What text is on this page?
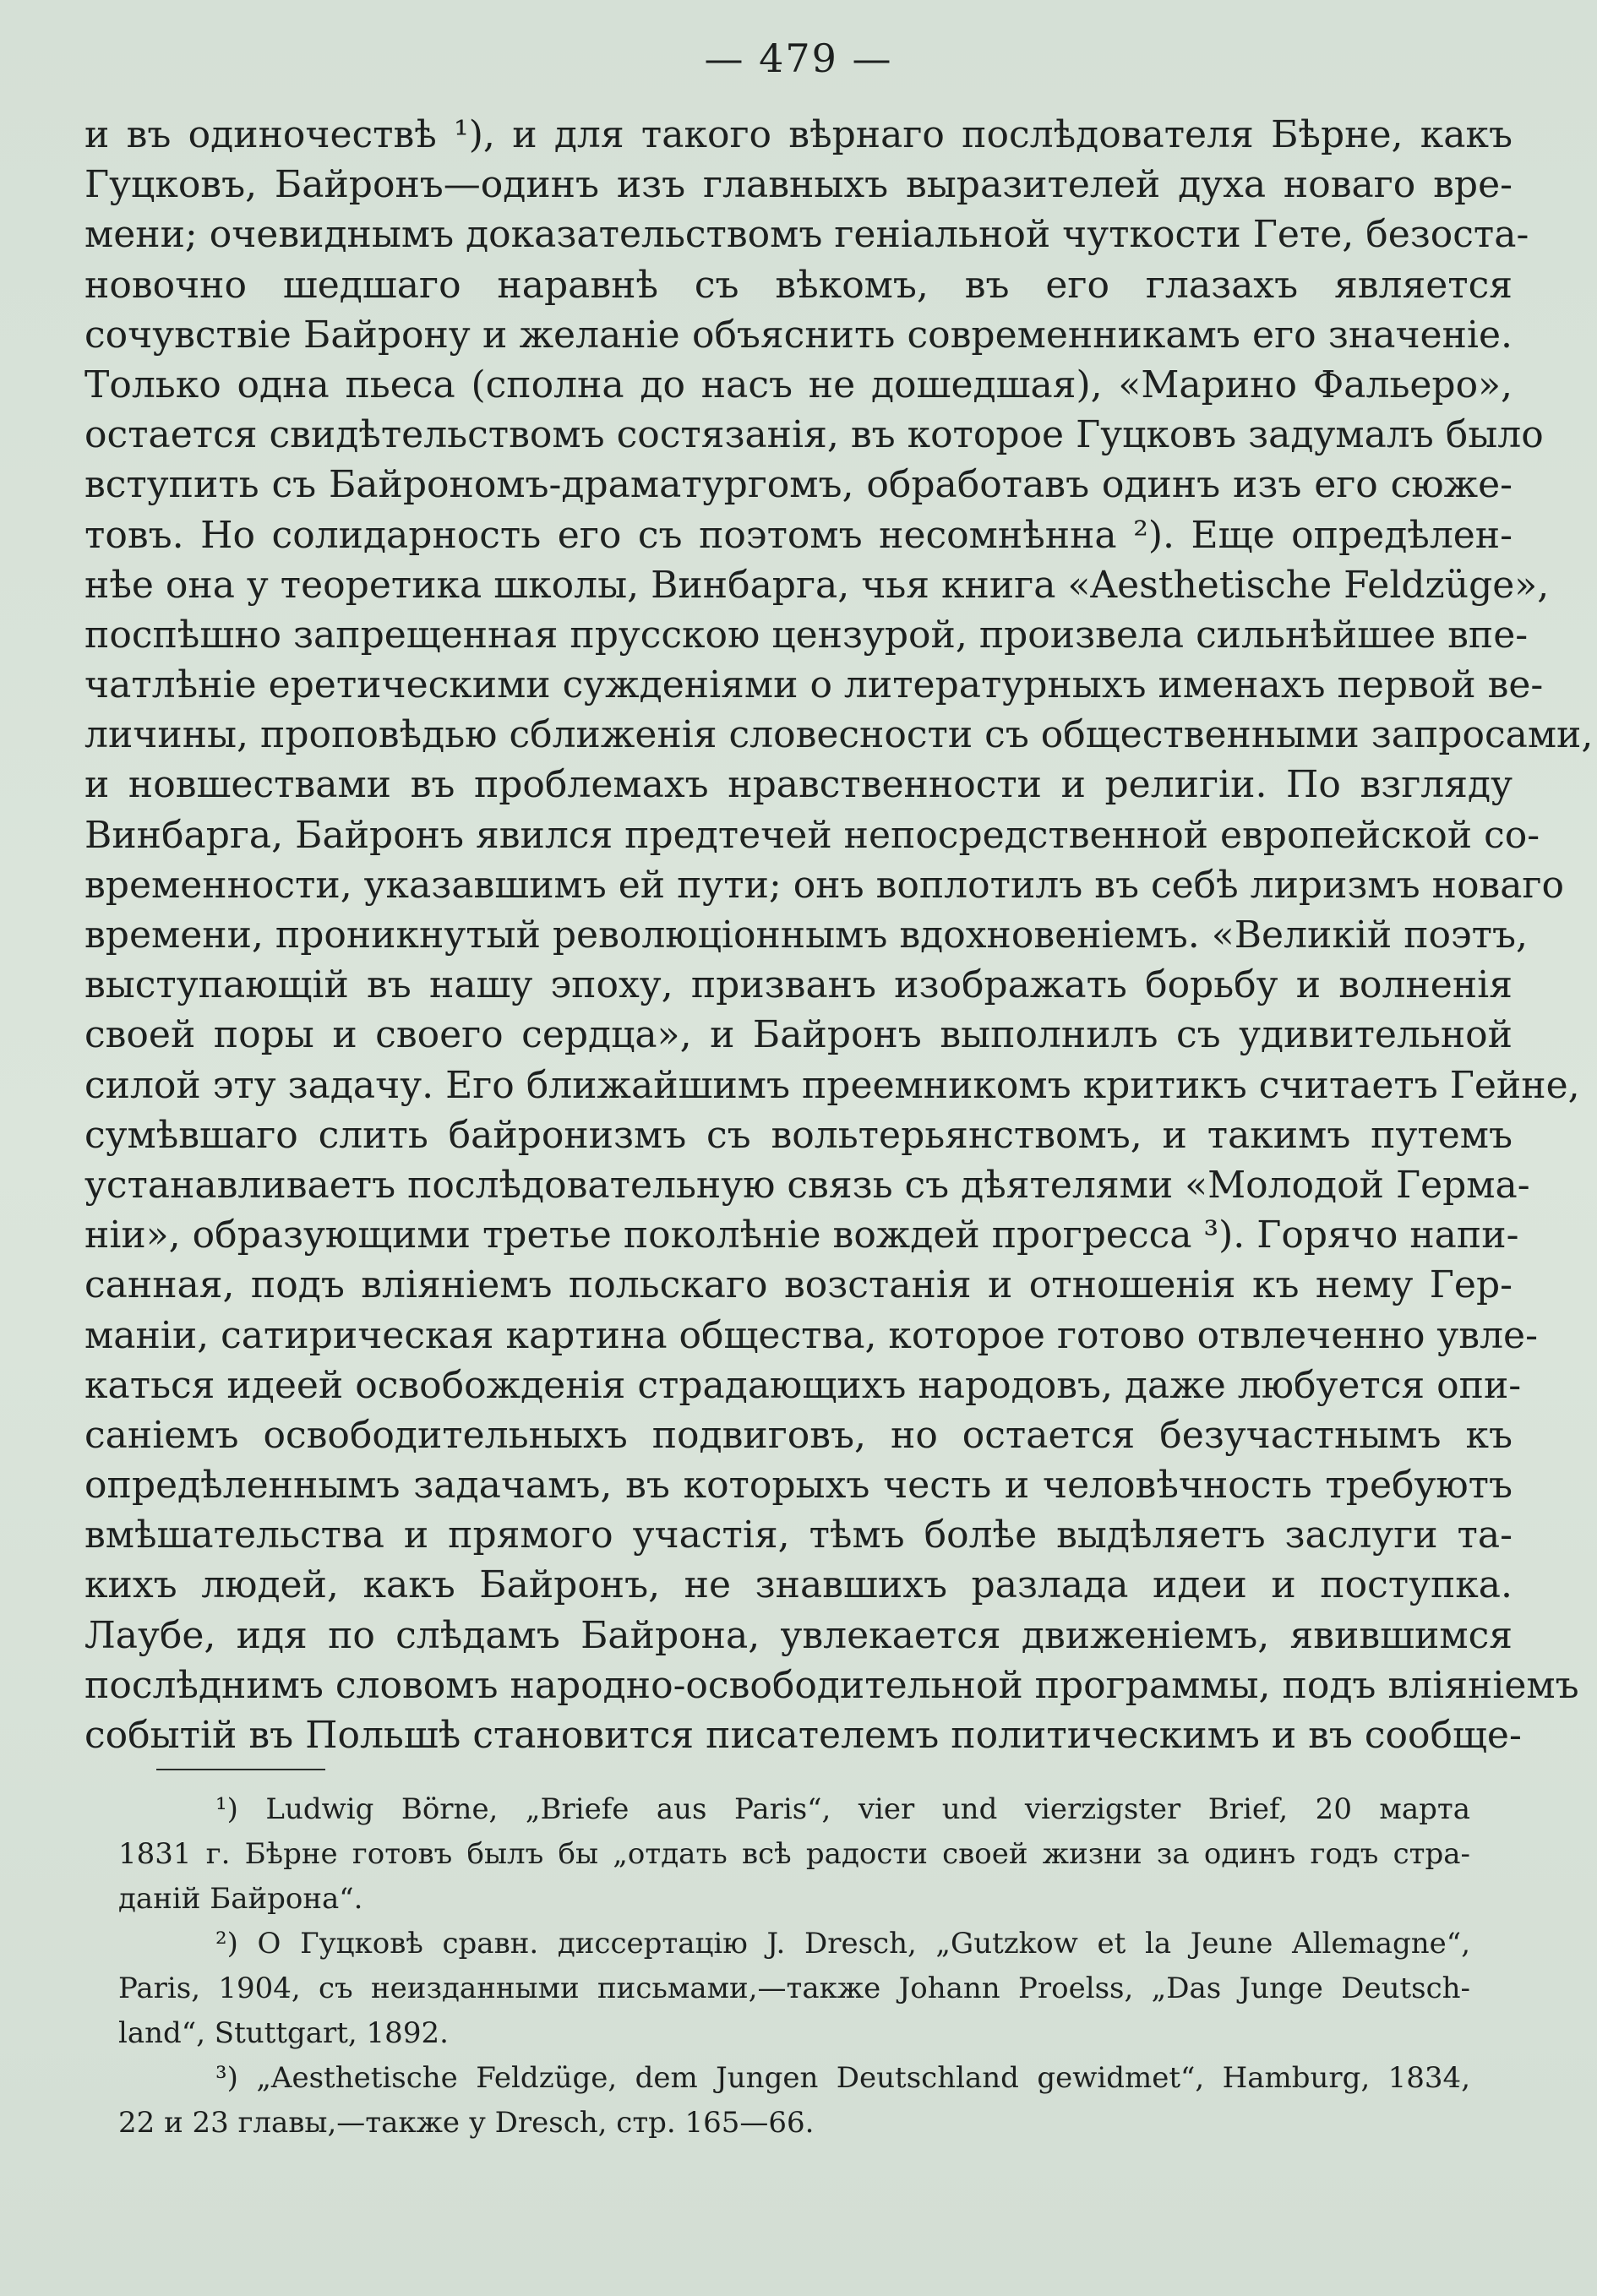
— 479 —
и въ одиночествѣ ¹), и для такого вѣрнаго послѣдователя Бѣрне, какъ
Гуцковъ, Байронъ—одинъ изъ главныхъ выразителей духа новаго вре-
мени; очевиднымъ доказательствомъ геніальной чуткости Гете, безоста-
новочно шедшаго наравнѣ съ вѣкомъ, въ его глазахъ является
сочувствіе Байрону и желаніе объяснить современникамъ его значеніе.
Только одна пьеса (сполна до насъ не дошедшая), «Марино Фальеро»,
остается свидѣтельствомъ состязанія, въ которое Гуцковъ задумалъ было
вступить съ Байрономъ-драматургомъ, обработавъ одинъ изъ его сюже-
товъ. Но солидарность его съ поэтомъ несомнѣнна ²). Еще опредѣлен-
нѣе она у теоретика школы, Винбарга, чья книга «Aesthetische Feldzüge»,
поспѣшно запрещенная прусскою цензурой, произвела сильнѣйшее впе-
чатлѣніе еретическими сужденіями о литературныхъ именахъ первой ве-
личины, проповѣдью сближенія словесности съ общественными запросами,
и новшествами въ проблемахъ нравственности и религіи. По взгляду
Винбарга, Байронъ явился предтечей непосредственной европейской со-
временности, указавшимъ ей пути; онъ воплотилъ въ себѣ лиризмъ новаго
времени, проникнутый революціоннымъ вдохновеніемъ. «Великій поэтъ,
выступающій въ нашу эпоху, призванъ изображать борьбу и волненія
своей поры и своего сердца», и Байронъ выполнилъ съ удивительной
силой эту задачу. Его ближайшимъ преемникомъ критикъ считаетъ Гейне,
сумѣвшаго слить байронизмъ съ вольтерьянствомъ, и такимъ путемъ
устанавливаетъ послѣдовательную связь съ дѣятелями «Молодой Герма-
ніи», образующими третье поколѣніе вождей прогресса ³). Горячо напи-
санная, подъ вліяніемъ польскаго возстанія и отношенія къ нему Гер-
маніи, сатирическая картина общества, которое готово отвлеченно увле-
каться идеей освобожденія страдающихъ народовъ, даже любуется опи-
саніемъ освободительныхъ подвиговъ, но остается безучастнымъ къ
опредѣленнымъ задачамъ, въ которыхъ честь и человѣчность требуютъ
вмѣшательства и прямого участія, тѣмъ болѣе выдѣляетъ заслуги та-
кихъ людей, какъ Байронъ, не знавшихъ разлада идеи и поступка.
Лаубе, идя по слѣдамъ Байрона, увлекается движеніемъ, явившимся
послѣднимъ словомъ народно-освободительной программы, подъ вліяніемъ
событій въ Польшѣ становится писателемъ политическимъ и въ сообще-
¹) Ludwig Börne, „Briefe aus Paris“, vier und vierzigster Brief, 20 марта
1831 г. Бѣрне готовъ былъ бы „отдать всѣ радости своей жизни за одинъ годъ стра-
даній Байрона“.
²) О Гуцковѣ сравн. диссертацію J. Dresch, „Gutzkow et la Jeune Allemagne“,
Paris, 1904, съ неизданными письмами,—также Johann Proelss, „Das Junge Deutsch-
land“, Stuttgart, 1892.
³) „Aesthetische Feldzüge, dem Jungen Deutschland gewidmet“, Hamburg, 1834,
22 и 23 главы,—также у Dresch, стр. 165—66.
